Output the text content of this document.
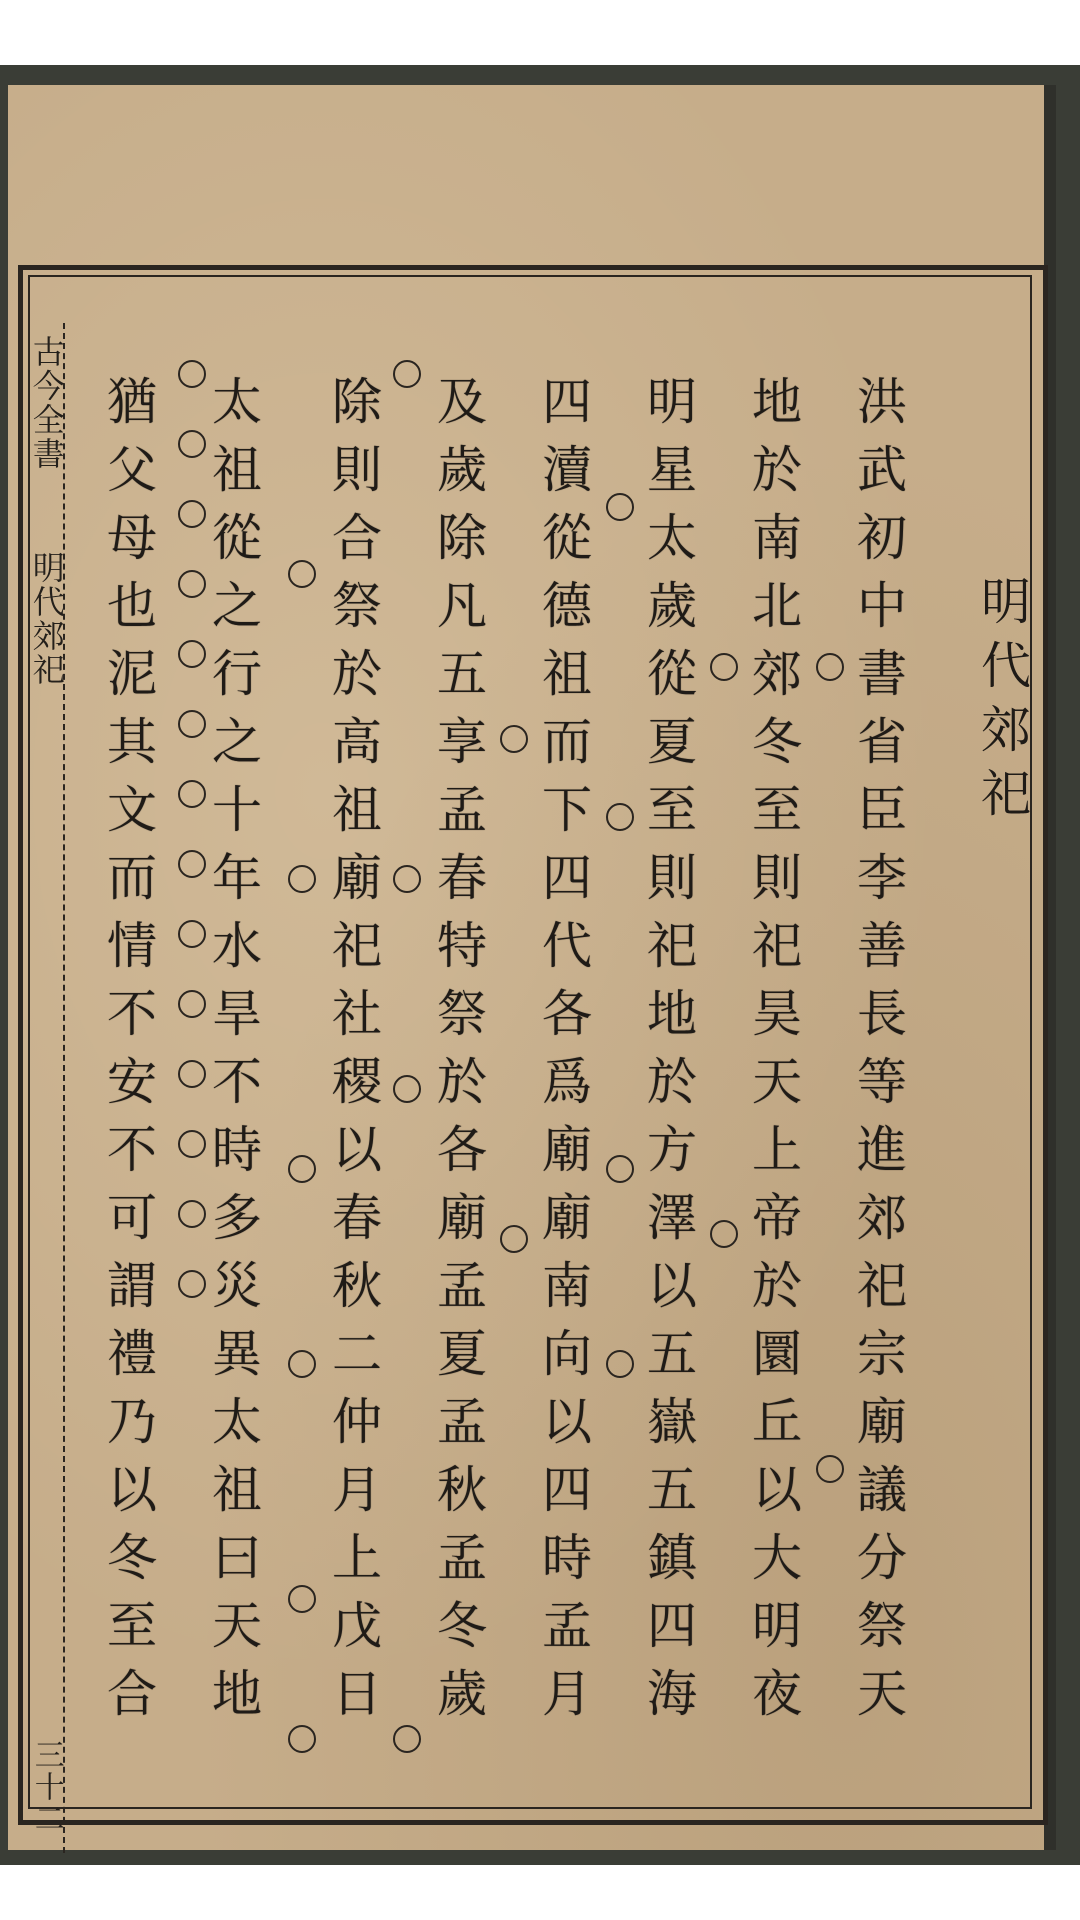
古今全書
明代郊祀
三十二
明代郊祀
洪武初中書省臣李善長等進郊祀宗廟議分祭天
地於南北郊冬至則祀昊天上帝於圜丘以大明夜
明星太歲從夏至則祀地於方澤以五嶽五鎮四海
四瀆從德祖而下四代各爲廟廟南向以四時孟月
及歲除凡五享孟春特祭於各廟孟夏孟秋孟冬歲
除則合祭於高祖廟祀社稷以春秋二仲月上戊日
太祖從之行之十年水旱不時多災異太祖曰天地
猶父母也泥其文而情不安不可謂禮乃以冬至合
